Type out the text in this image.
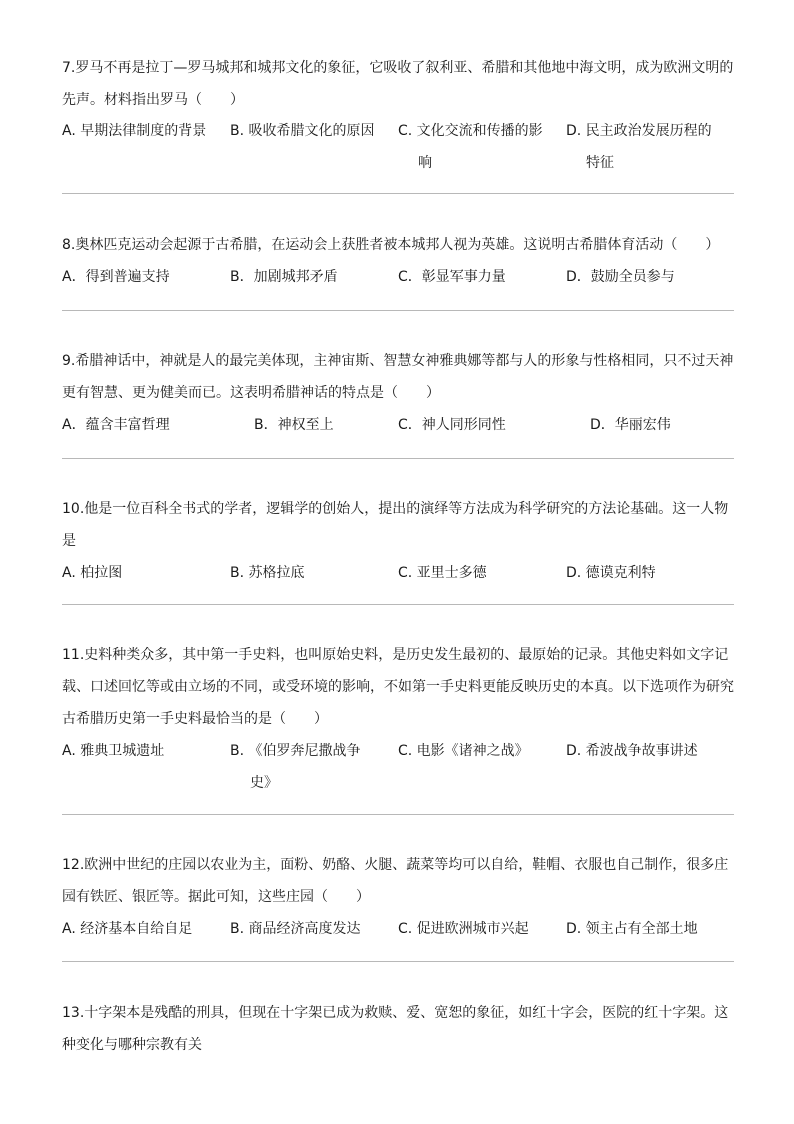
7.罗马不再是拉丁—罗马城邦和城邦文化的象征，它吸收了叙利亚、希腊和其他地中海文明，成为欧洲文明的
先声。材料指出罗马（　　）
A. 早期法律制度的背景 B. 吸收希腊文化的原因 C. 文化交流和传播的影
响
D. 民主政治发展历程的
特征
8.奥林匹克运动会起源于古希腊，在运动会上获胜者被本城邦人视为英雄。这说明古希腊体育活动（　　）
A．得到普遍支持	B．加剧城邦矛盾	C．彰显军事力量	D．鼓励全员参与
9.希腊神话中，神就是人的最完美体现，主神宙斯、智慧女神雅典娜等都与人的形象与性格相同，只不过天神
更有智慧、更为健美而已。这表明希腊神话的特点是（　　）
A．蕴含丰富哲理	B．神权至上	C．神人同形同性	D．华丽宏伟
10.他是一位百科全书式的学者，逻辑学的创始人，提出的演绎等方法成为科学研究的方法论基础。这一人物
是
A. 柏拉图	B. 苏格拉底	C. 亚里士多德	D. 德谟克利特
11.史料种类众多，其中第一手史料，也叫原始史料，是历史发生最初的、最原始的记录。其他史料如文字记
载、口述回忆等或由立场的不同，或受环境的影响，不如第一手史料更能反映历史的本真。以下选项作为研究
古希腊历史第一手史料最恰当的是（　　）
A. 雅典卫城遗址	B. 《伯罗奔尼撒战争
史》
C. 电影《诸神之战》	D. 希波战争故事讲述
12.欧洲中世纪的庄园以农业为主，面粉、奶酪、火腿、蔬菜等均可以自给，鞋帽、衣服也自己制作，很多庄
园有铁匠、银匠等。据此可知，这些庄园（　　）
A. 经济基本自给自足	B. 商品经济高度发达	C. 促进欧洲城市兴起	D. 领主占有全部土地
13.十字架本是残酷的刑具，但现在十字架已成为救赎、爱、宽恕的象征，如红十字会，医院的红十字架。这
种变化与哪种宗教有关
